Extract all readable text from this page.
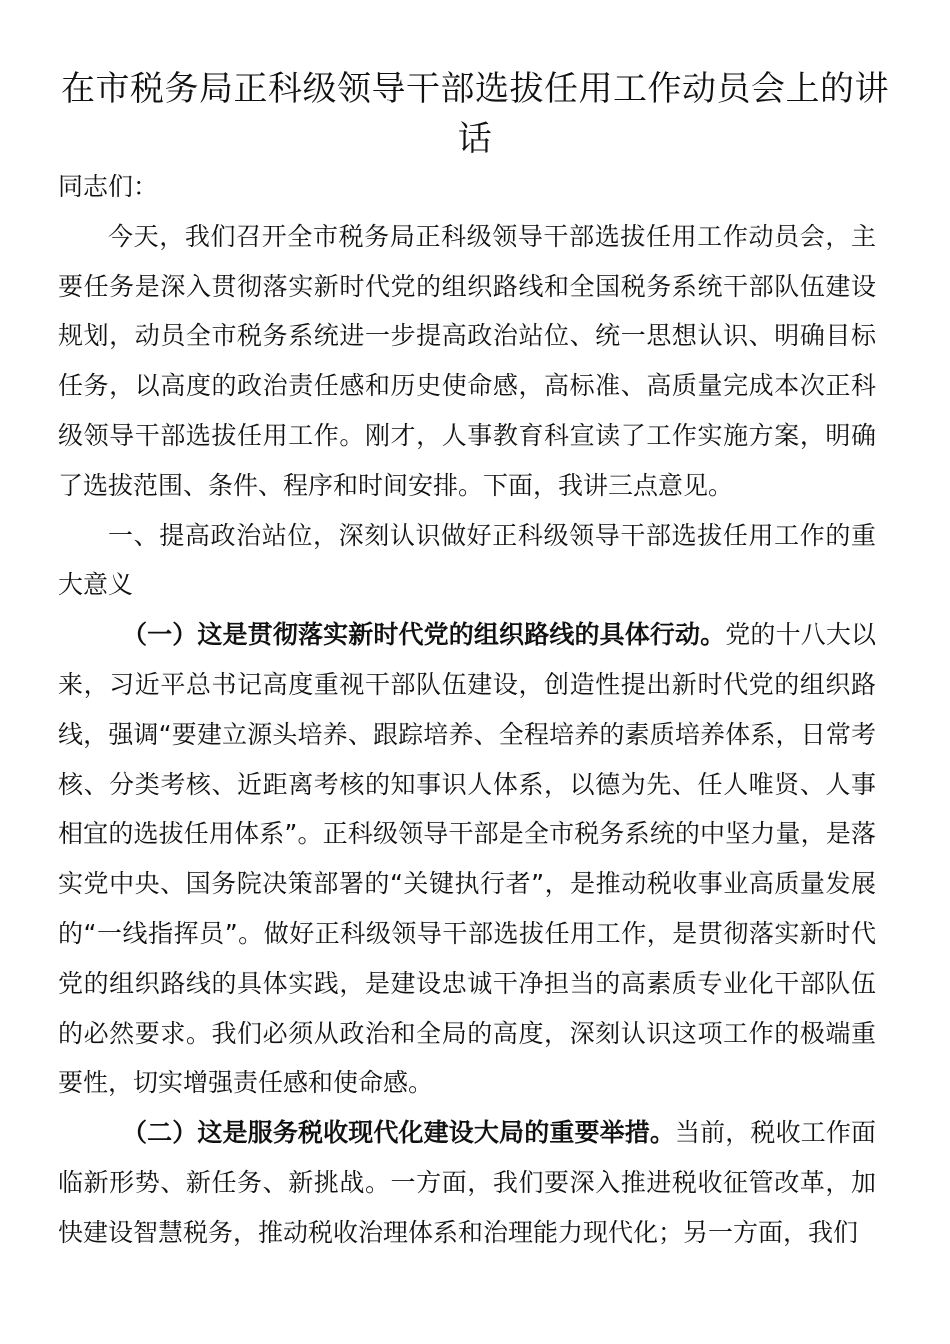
在市税务局正科级领导干部选拔任用工作动员会上的讲话

同志们：

今天，我们召开全市税务局正科级领导干部选拔任用工作动员会，主要任务是深入贯彻落实新时代党的组织路线和全国税务系统干部队伍建设规划，动员全市税务系统进一步提高政治站位、统一思想认识、明确目标任务，以高度的政治责任感和历史使命感，高标准、高质量完成本次正科级领导干部选拔任用工作。刚才，人事教育科宣读了工作实施方案，明确了选拔范围、条件、程序和时间安排。下面，我讲三点意见。

一、提高政治站位，深刻认识做好正科级领导干部选拔任用工作的重大意义

（一）这是贯彻落实新时代党的组织路线的具体行动。党的十八大以来，习近平总书记高度重视干部队伍建设，创造性提出新时代党的组织路线，强调“要建立源头培养、跟踪培养、全程培养的素质培养体系，日常考核、分类考核、近距离考核的知事识人体系，以德为先、任人唯贤、人事相宜的选拔任用体系”。正科级领导干部是全市税务系统的中坚力量，是落实党中央、国务院决策部署的“关键执行者”，是推动税收事业高质量发展的“一线指挥员”。做好正科级领导干部选拔任用工作，是贯彻落实新时代党的组织路线的具体实践，是建设忠诚干净担当的高素质专业化干部队伍的必然要求。我们必须从政治和全局的高度，深刻认识这项工作的极端重要性，切实增强责任感和使命感。

（二）这是服务税收现代化建设大局的重要举措。当前，税收工作面临新形势、新任务、新挑战。一方面，我们要深入推进税收征管改革，加快建设智慧税务，推动税收治理体系和治理能力现代化；另一方面，我们
